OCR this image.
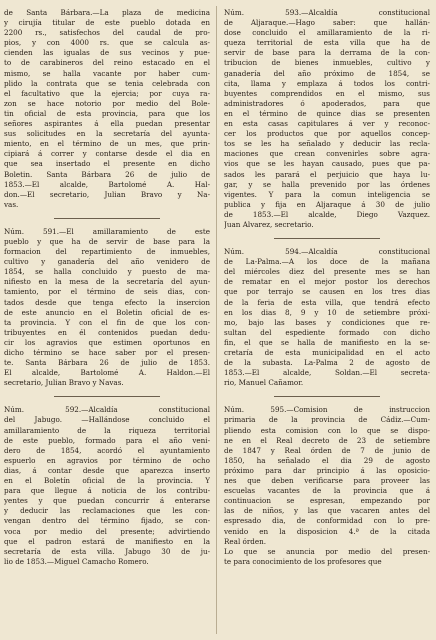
de Santa Bárbara.—La plaza de medicina
y cirujía titular de este pueblo dotada en
2200 rs., satisfechos del caudal de pro-
pios, y con 4000 rs. que se calcula as-
cienden las igualas de sus vecinos y pue-
to de carabineros del reino estacado en el
mismo, se halla vacante por haber cum-
plido la contrata que se tenia celebrada con
el facultativo que la ejercia; por cuya ra-
zon se hace notorio por medio del Bole-
tin oficial de esta provincia, para que los
señores aspirantes á ella puedan presentar
sus solicitudes en la secretaría del ayunta-
miento, en el término de un mes, que prin-
cipiará á correr y contarse desde el dia en
que sea insertado el presente en dicho
Boletin. Santa Bárbara 26 de julio de
1853.—El alcalde, Bartolomé A. Hal-
don.—El secretario, Julian Bravo y Na-
vas.
Núm. 591.—El amillaramiento de este
pueblo y que ha de servir de base para la
formacion del repartimiento de inmuebles,
cultivo y ganadería del año venidero de
1854, se halla concluido y puesto de ma-
nifiesto en la mesa de la secretaría del ayun-
tamiento, por el término de seis dias, con-
tados desde que tenga efecto la insercion
de este anuncio en el Boletin oficial de es-
ta provincia. Y con el fin de que los con-
tribuyentes en él contenidos puedan dedu-
cir los agravios que estimen oportunos en
dicho término se hace saber por el presen-
te. Santa Bárbara 26 de julio de 1853.
El alcalde, Bartolomé A. Haldon.—El
secretario, Julian Bravo y Navas.
Núm. 592.—Alcaldía constitucional
del Jabugo. —Hallándose concluido el
amillaramiento de la riqueza territorial
de este pueblo, formado para el año veni-
dero de 1854, acordó el ayuntamiento
espuerlo en agravios por término de ocho
dias, á contar desde que aparezca inserto
en el Boletín oficial de la provincia. Y
para que llegue á noticia de los contribu-
yentes y que puedan concurrir á enterarse
y deducir las reclamaciones que les con-
vengan dentro del término fijado, se con-
voca por medio del presente; advirtiendo
que el padron estará de manifiesto en la
secretaría de esta villa. Jabugo 30 de ju-
lio de 1853.—Miguel Camacho Romero.
Núm. 593.—Alcaldía constitucional
de Aljaraque.—Hago saber: que hallán-
dose concluido el amillaramiento de la ri-
queza territorial de esta villa que ha de
servir de base para la derrama de la con-
tribucion de bienes inmuebles, cultivo y
ganadería del año próximo de 1854, se
cita, llama y emplaza á todos los contri-
buyentes comprendidos en el mismo, sus
administradores ó apoderados, para que
en el término de quince dias se presenten
en esta casas capitulares á ver y reconoc-
cer los productos que por aquellos concep-
tos se les ha señalado y deducir las recla-
maciones que crean convenirles sobre agra-
vios que se les hayan causado, pues que pa-
sados les parará el perjuicio que haya lu-
gar, y se halla prevenido por las órdenes
vigentes. Y para la comun inteligencia se
publica y fija en Aljaraque á 30 de julio
de 1853.—El alcalde, Diego Vazquez.
Juan Alvarez, secretario.
Núm. 594.—Alcaldía constitucional
de La-Palma.—A los doce de la mañana
del miércoles diez del presente mes se han
de rematar en el mejor postor los derechos
que por terrajo se causen en los tres dias
de la feria de esta villa, que tendrá efecto
en los dias 8, 9 y 10 de setiembre próxi-
mo, bajo las bases y condiciones que re-
sultan del espediente formado con dicho
fin, el que se halla de manifiesto en la se-
cretaría de esta municipalidad en el acto
de la subasta. La-Palma 2 de agosto de
1853.—El alcalde, Soldan.—El secreta-
rio, Manuel Cañamor.
Núm. 595.—Comision de instruccion
primaria de la provincia de Cádiz.—Cum-
pliendo esta comision con lo que se dispo-
ne en el Real decreto de 23 de setiembre
de 1847 y Real órden de 7 de junio de
1850, ha señalado el dia 29 de agosto
próximo para dar principio á las oposicio-
nes que deben verificarse para proveer las
escuelas vacantes de la provincia que á
continuacion se espresan, empezando por
las de niños, y las que vacaren antes del
espresado dia, de conformidad con lo pre-
venido en la disposicion 4.ª de la citada
Real órden.
Lo que se anuncia por medio del presen-
te para conocimiento de los profesores que
